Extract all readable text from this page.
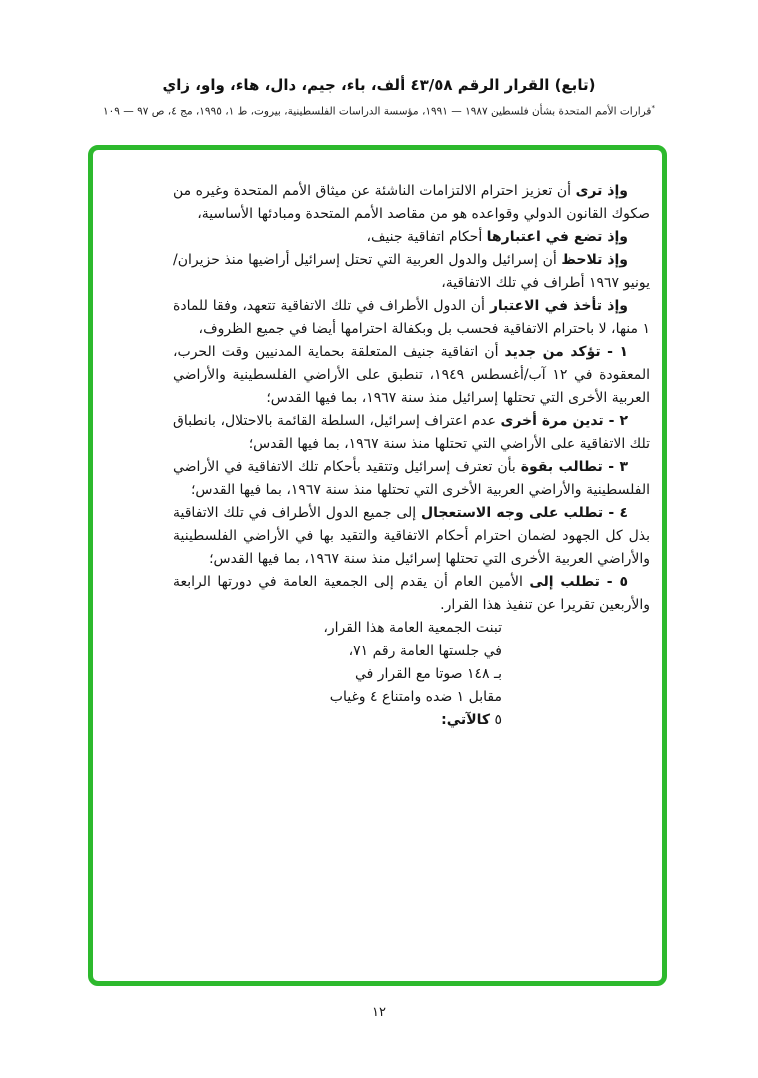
(تابع) القرار الرقم ٤٣/٥٨ ألف، باء، جيم، دال، هاء، واو، زاي
*قرارات الأمم المتحدة بشأن فلسطين ١٩٨٧ — ١٩٩١، مؤسسة الدراسات الفلسطينية، بيروت، ط ١، ١٩٩٥، مج ٤، ص ٩٧ — ١٠٩

وإذ ترى أن تعزيز احترام الالتزامات الناشئة عن ميثاق الأمم المتحدة وغيره من صكوك القانون الدولي وقواعده هو من مقاصد الأمم المتحدة ومبادئها الأساسية،

وإذ تضع في اعتبارها أحكام اتفاقية جنيف،

وإذ تلاحظ أن إسرائيل والدول العربية التي تحتل إسرائيل أراضيها منذ حزيران/يونيو ١٩٦٧ أطراف في تلك الاتفاقية،

وإذ تأخذ في الاعتبار أن الدول الأطراف في تلك الاتفاقية تتعهد، وفقا للمادة ١ منها، لا باحترام الاتفاقية فحسب بل وبكفالة احترامها أيضا في جميع الظروف،

١ - تؤكد من جديد أن اتفاقية جنيف المتعلقة بحماية المدنيين وقت الحرب، المعقودة في ١٢ آب/أغسطس ١٩٤٩، تنطبق على الأراضي الفلسطينية والأراضي العربية الأخرى التي تحتلها إسرائيل منذ سنة ١٩٦٧، بما فيها القدس؛

٢ - تدين مرة أخرى عدم اعتراف إسرائيل، السلطة القائمة بالاحتلال، بانطباق تلك الاتفاقية على الأراضي التي تحتلها منذ سنة ١٩٦٧، بما فيها القدس؛

٣ - تطالب بقوة بأن تعترف إسرائيل وتتقيد بأحكام تلك الاتفاقية في الأراضي الفلسطينية والأراضي العربية الأخرى التي تحتلها منذ سنة ١٩٦٧، بما فيها القدس؛

٤ - تطلب على وجه الاستعجال إلى جميع الدول الأطراف في تلك الاتفاقية بذل كل الجهود لضمان احترام أحكام الاتفاقية والتقيد بها في الأراضي الفلسطينية والأراضي العربية الأخرى التي تحتلها إسرائيل منذ سنة ١٩٦٧، بما فيها القدس؛

٥ - تطلب إلى الأمين العام أن يقدم إلى الجمعية العامة في دورتها الرابعة والأربعين تقريرا عن تنفيذ هذا القرار.

تبنت الجمعية العامة هذا القرار،
في جلستها العامة رقم ٧١،
بـ ١٤٨ صوتا مع القرار في
مقابل ١ ضده وامتناع ٤ وغياب
٥ كالآتي:
١٢
